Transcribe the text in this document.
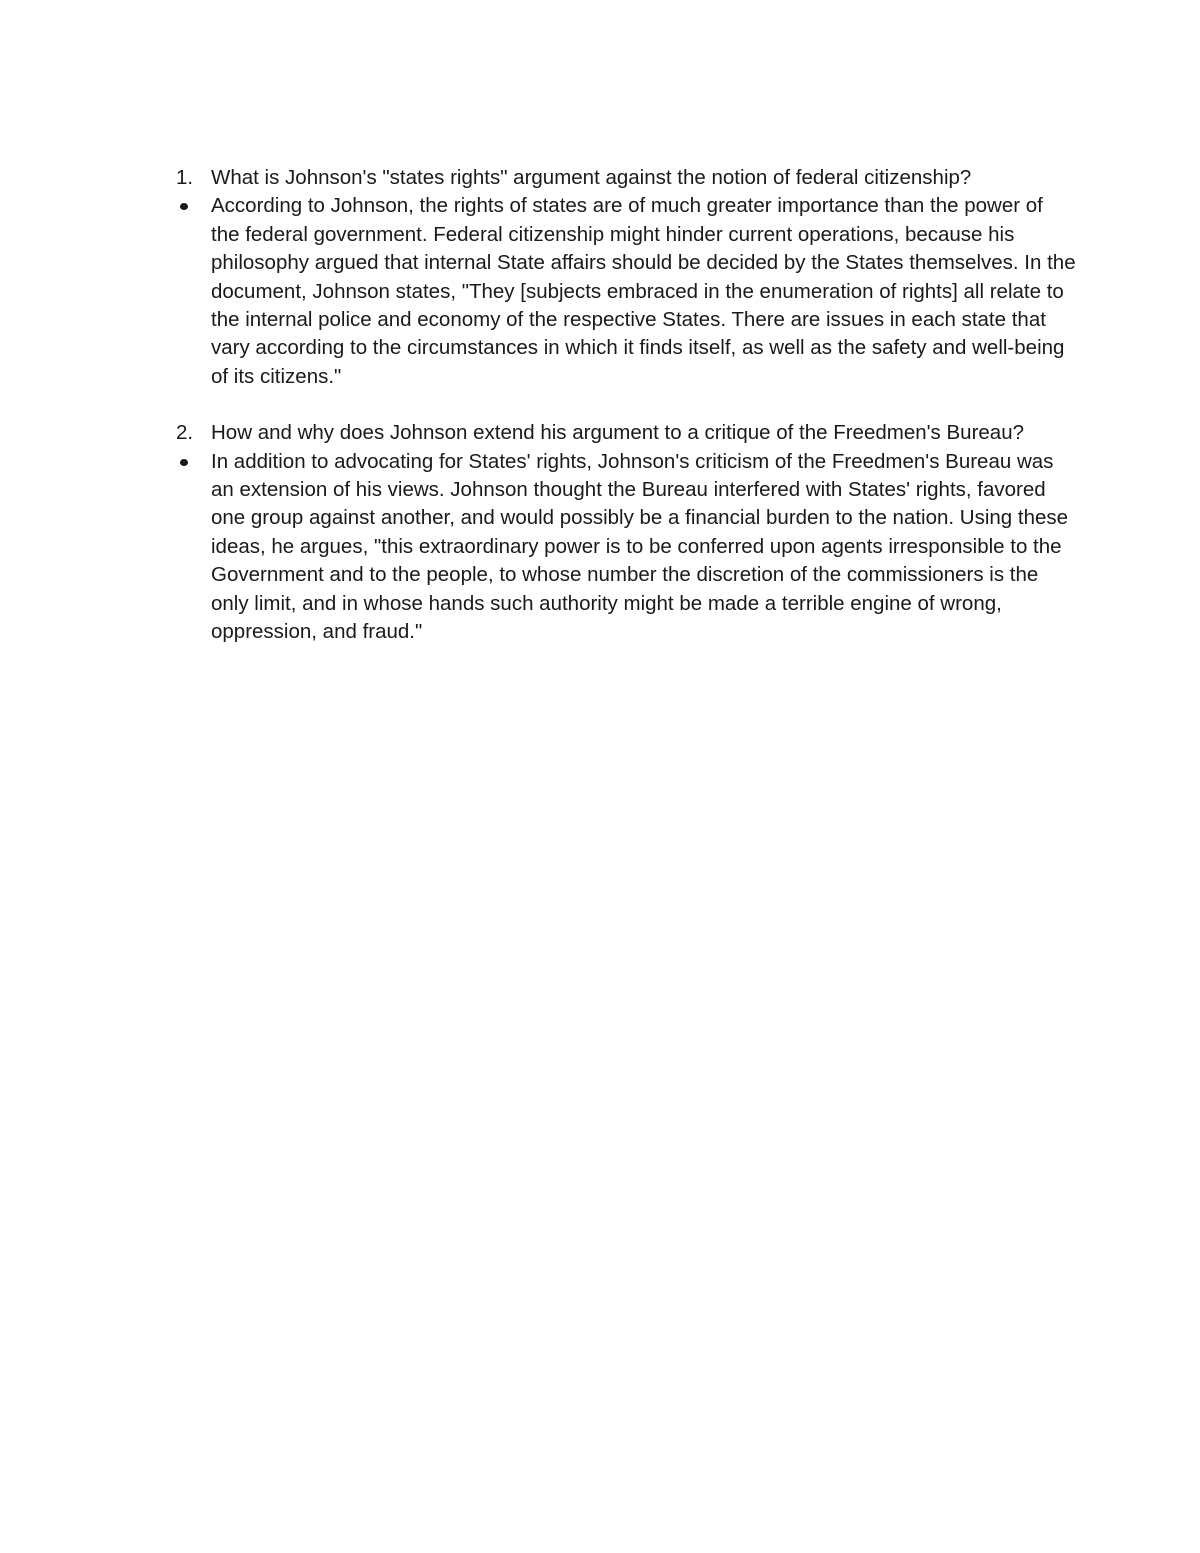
1. What is Johnson's "states rights" argument against the notion of federal citizenship?

According to Johnson, the rights of states are of much greater importance than the power of the federal government. Federal citizenship might hinder current operations, because his philosophy argued that internal State affairs should be decided by the States themselves. In the document, Johnson states, "They [subjects embraced in the enumeration of rights] all relate to the internal police and economy of the respective States. There are issues in each state that vary according to the circumstances in which it finds itself, as well as the safety and well-being of its citizens."

2. How and why does Johnson extend his argument to a critique of the Freedmen's Bureau?

In addition to advocating for States' rights, Johnson's criticism of the Freedmen's Bureau was an extension of his views. Johnson thought the Bureau interfered with States' rights, favored one group against another, and would possibly be a financial burden to the nation. Using these ideas, he argues, "this extraordinary power is to be conferred upon agents irresponsible to the Government and to the people, to whose number the discretion of the commissioners is the only limit, and in whose hands such authority might be made a terrible engine of wrong, oppression, and fraud."
